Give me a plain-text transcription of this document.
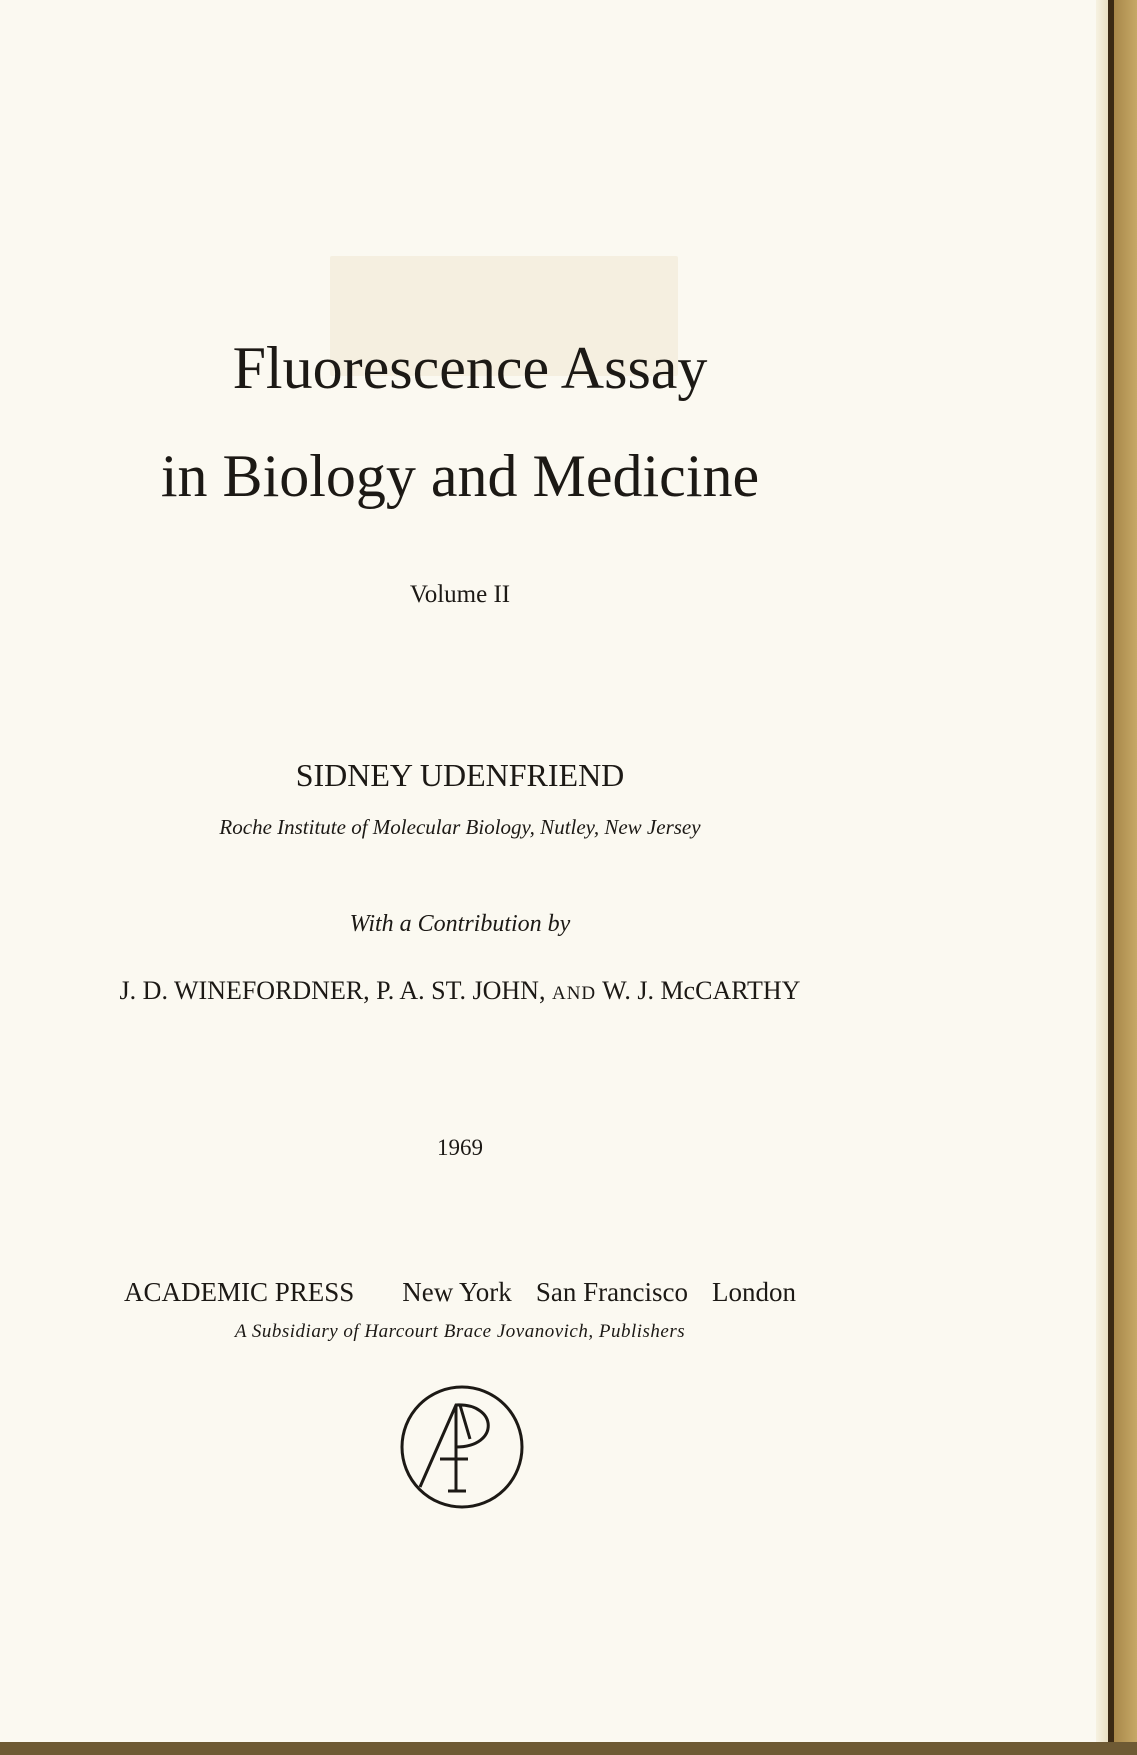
Fluorescence Assay
in Biology and Medicine
Volume II
SIDNEY UDENFRIEND
Roche Institute of Molecular Biology, Nutley, New Jersey
With a Contribution by
J. D. WINEFORDNER, P. A. ST. JOHN, AND W. J. McCARTHY
1969
ACADEMIC PRESS New York San Francisco London
A Subsidiary of Harcourt Brace Jovanovich, Publishers
